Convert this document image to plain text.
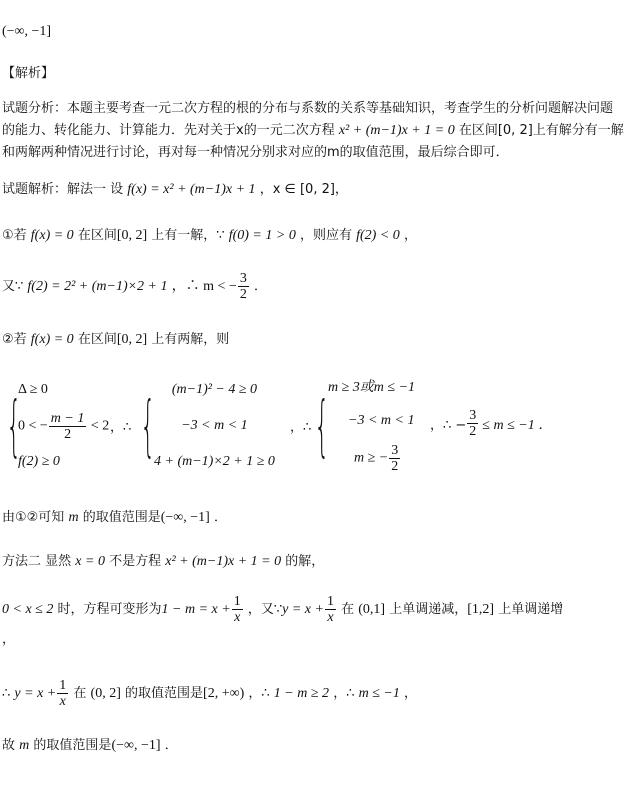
(−∞, −1]
【解析】
试题分析：本题主要考查一元二次方程的根的分布与系数的关系等基础知识，考查学生的分析问题解决问题的能力、转化能力、计算能力．先对关于x的一元二次方程 x² + (m−1)x + 1 = 0 在区间[0, 2]上有解分有一解和两解两种情况进行讨论，再对每一种情况分别求对应的m的取值范围，最后综合即可．
试题解析：解法一 设 f(x) = x² + (m−1)x + 1 ，x ∈ [0, 2]，
①若 f(x) = 0 在区间[0, 2] 上有一解，∵ f(0) = 1 > 0 ，则应有 f(2) < 0 ，
又∵ f(2) = 2² + (m−1)×2 + 1 ，∴ m < − $\frac{3}{2}$ ．
②若 f(x) = 0 在区间[0, 2] 上有两解，则
{
Δ ≥ 0
0 < − $\frac{m - 1}{2} < 2$
f(2) ≥ 0
，∴ { (m−1)² − 4 ≥ 0
−3 < m < 1
4 + (m−1)×2 + 1 ≥ 0
，∴ {
m ≥ 3或m ≤ −1
−3 < m < 1
m ≥ − $\frac{3}{2}$
，∴ − $\frac{3}{2} \le m \le -1$ ．
由①②可知 m 的取值范围是(−∞, −1] ．
方法二 显然 x = 0 不是方程 x² + (m−1)x + 1 = 0 的解，
0 < x ≤ 2 时，方程可变形为$1 - m = x + \frac{1}{x}$ ，又∵y = $x + \frac{1}{x}$ 在 (0,1] 上单调递减，[1,2] 上单调递增
，
∴ $y = x + \frac{1}{x}$ 在 (0, 2] 的取值范围是[2, +∞) ，∴ 1 − m ≥ 2 ，∴ m ≤ −1 ，
故 m 的取值范围是(−∞, −1] ．
